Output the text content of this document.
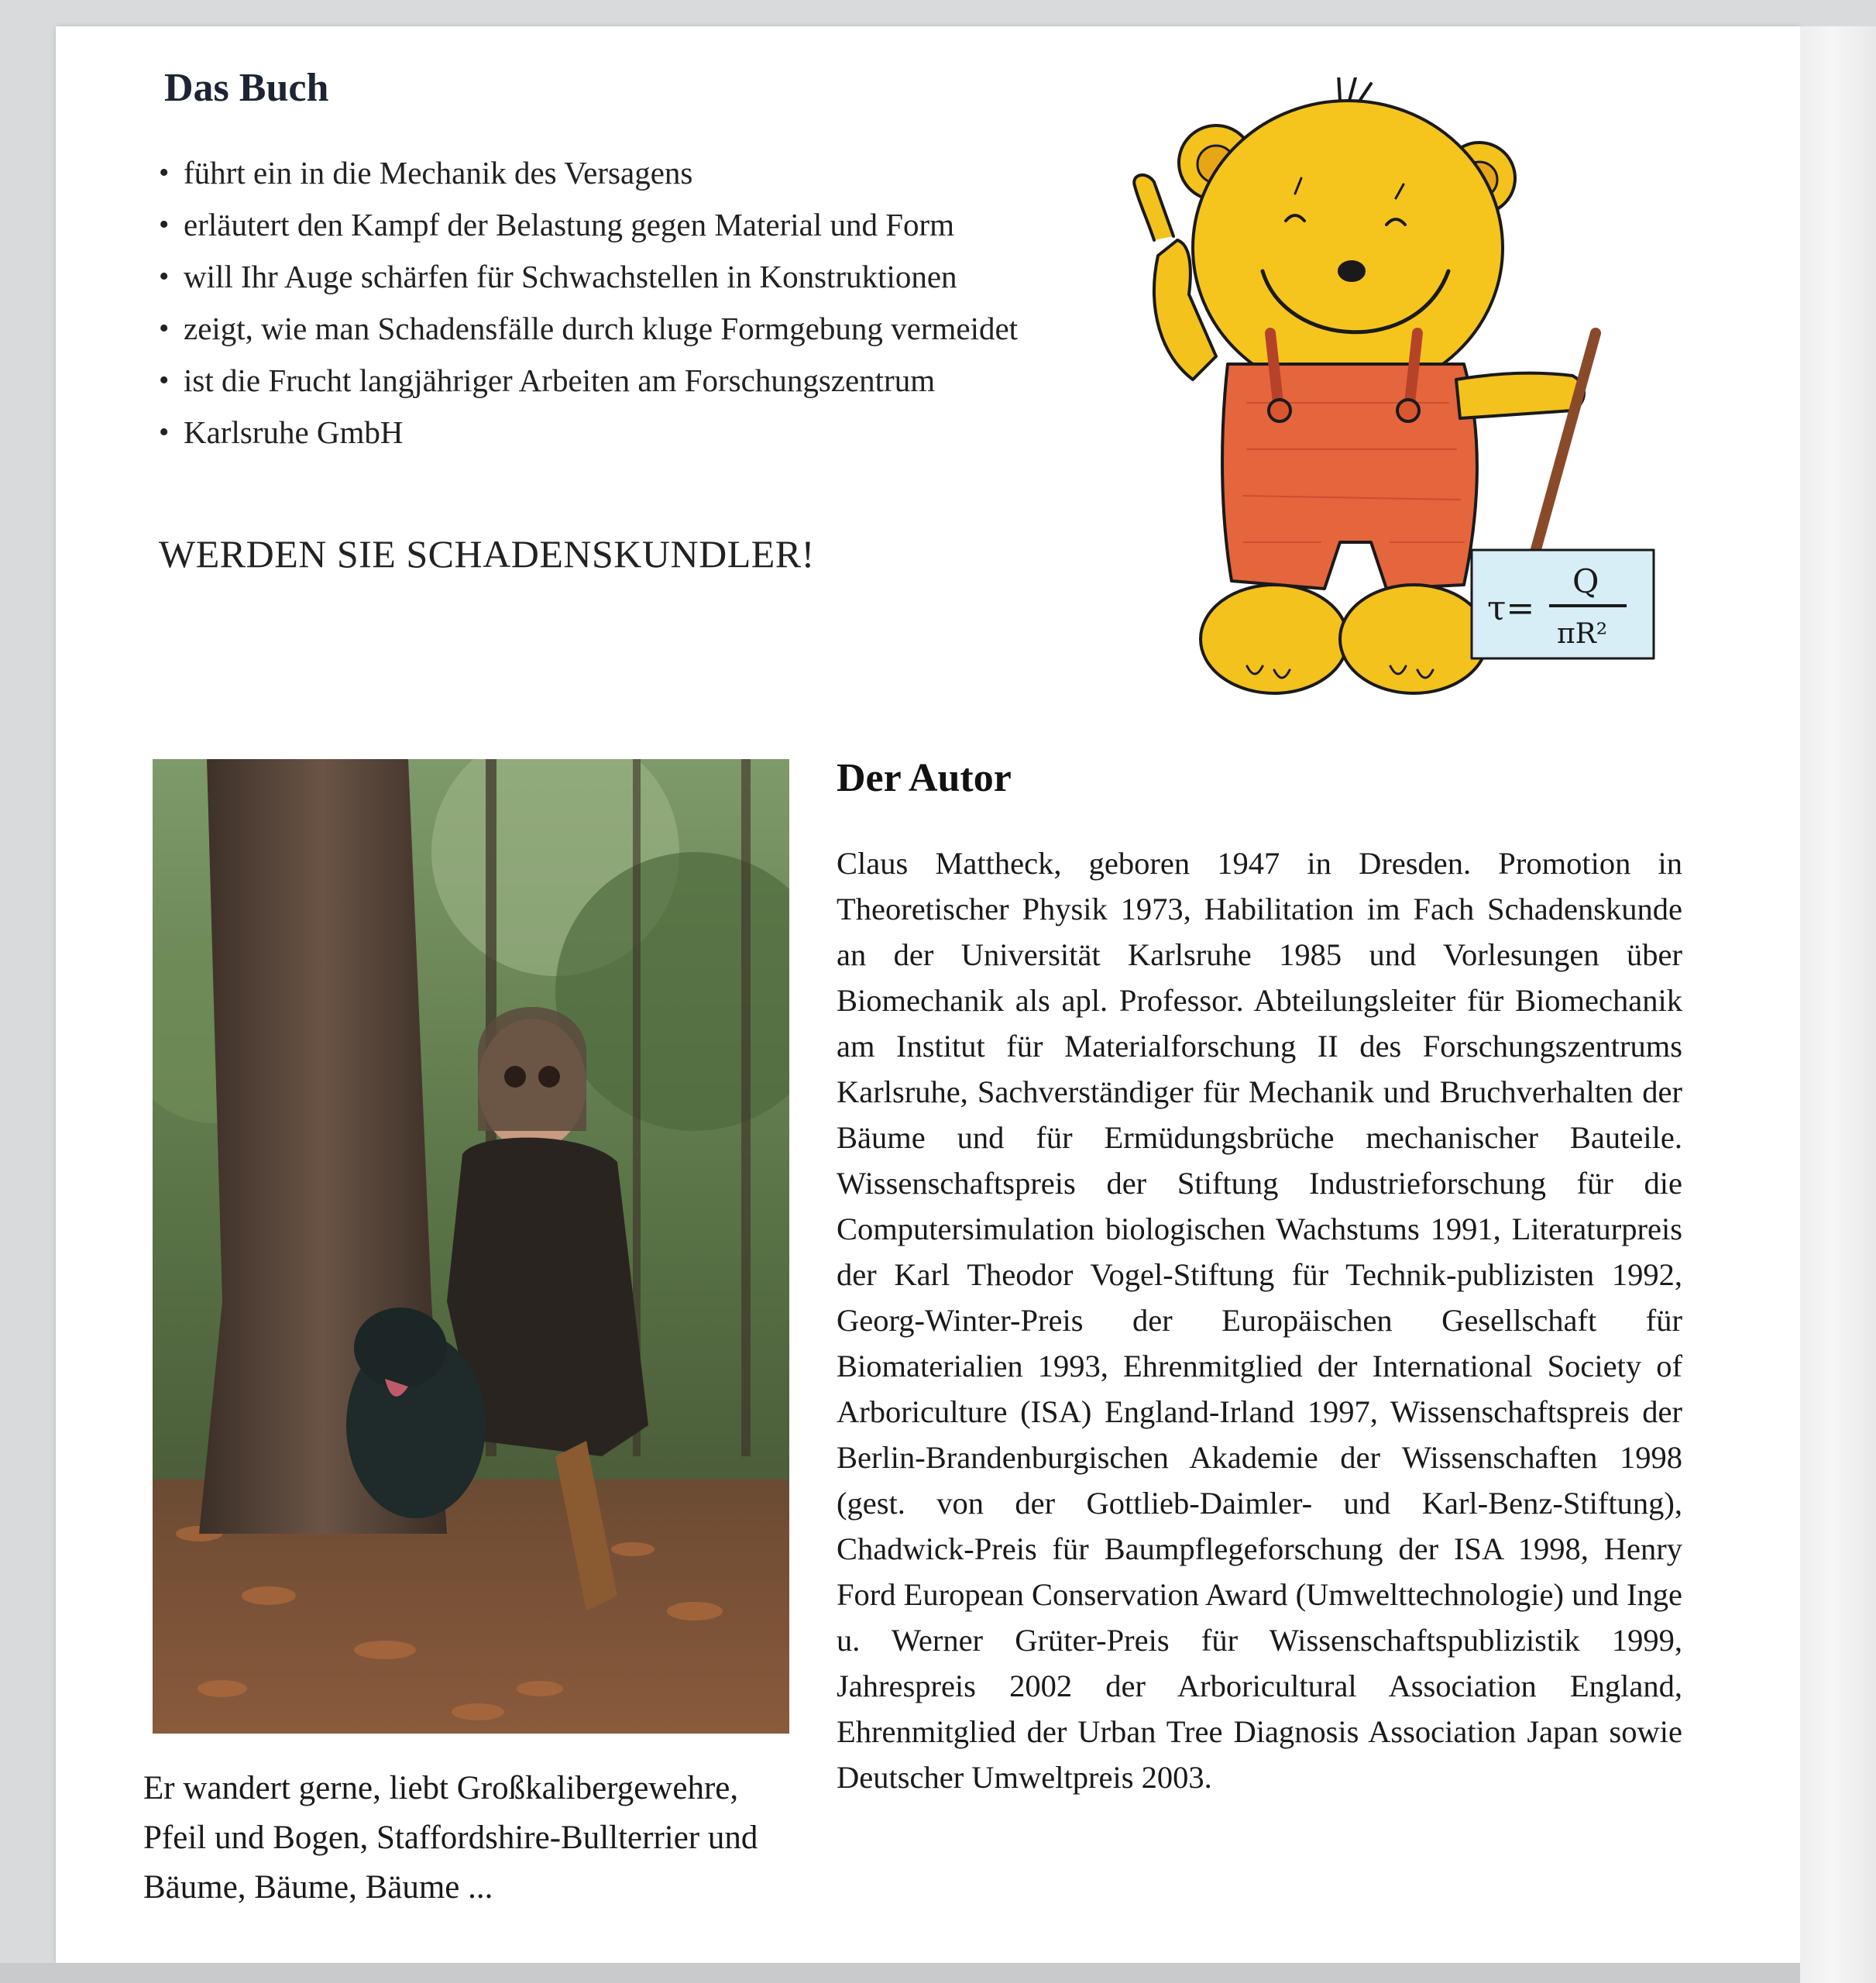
Das Buch
• führt ein in die Mechanik des Versagens
• erläutert den Kampf der Belastung gegen Material und Form
• will Ihr Auge schärfen für Schwachstellen in Konstruktionen
• zeigt, wie man Schadensfälle durch kluge Formgebung vermeidet
• ist die Frucht langjähriger Arbeiten am Forschungszentrum
• Karlsruhe GmbH

WERDEN SIE SCHADENSKUNDLER!

τ=
Q
πR²

Er wandert gerne, liebt Großkalibergewehre, Pfeil und Bogen, Staffordshire-Bullterrier und Bäume, Bäume, Bäume ...

Der Autor

Claus Mattheck, geboren 1947 in Dresden. Promotion in Theoretischer Physik 1973, Habilitation im Fach Schadenskunde an der Universität Karlsruhe 1985 und Vorlesungen über Biomechanik als apl. Professor. Abteilungsleiter für Biomechanik am Institut für Materialforschung II des Forschungszentrums Karlsruhe, Sachverständiger für Mechanik und Bruchverhalten der Bäume und für Ermüdungsbrüche mechanischer Bauteile. Wissenschaftspreis der Stiftung Industrieforschung für die Computersimulation biologischen Wachstums 1991, Literaturpreis der Karl Theodor Vogel-Stiftung für Technik-publizisten 1992, Georg-Winter-Preis der Europäischen Gesellschaft für Biomaterialien 1993, Ehrenmitglied der International Society of Arboriculture (ISA) England-Irland 1997, Wissenschaftspreis der Berlin-Brandenburgischen Akademie der Wissenschaften 1998 (gest. von der Gottlieb-Daimler- und Karl-Benz-Stiftung), Chadwick-Preis für Baumpflegeforschung der ISA 1998, Henry Ford European Conservation Award (Umwelttechnologie) und Inge u. Werner Grüter-Preis für Wissenschaftspublizistik 1999, Jahrespreis 2002 der Arboricultural Association England, Ehrenmitglied der Urban Tree Diagnosis Association Japan sowie Deutscher Umweltpreis 2003.
